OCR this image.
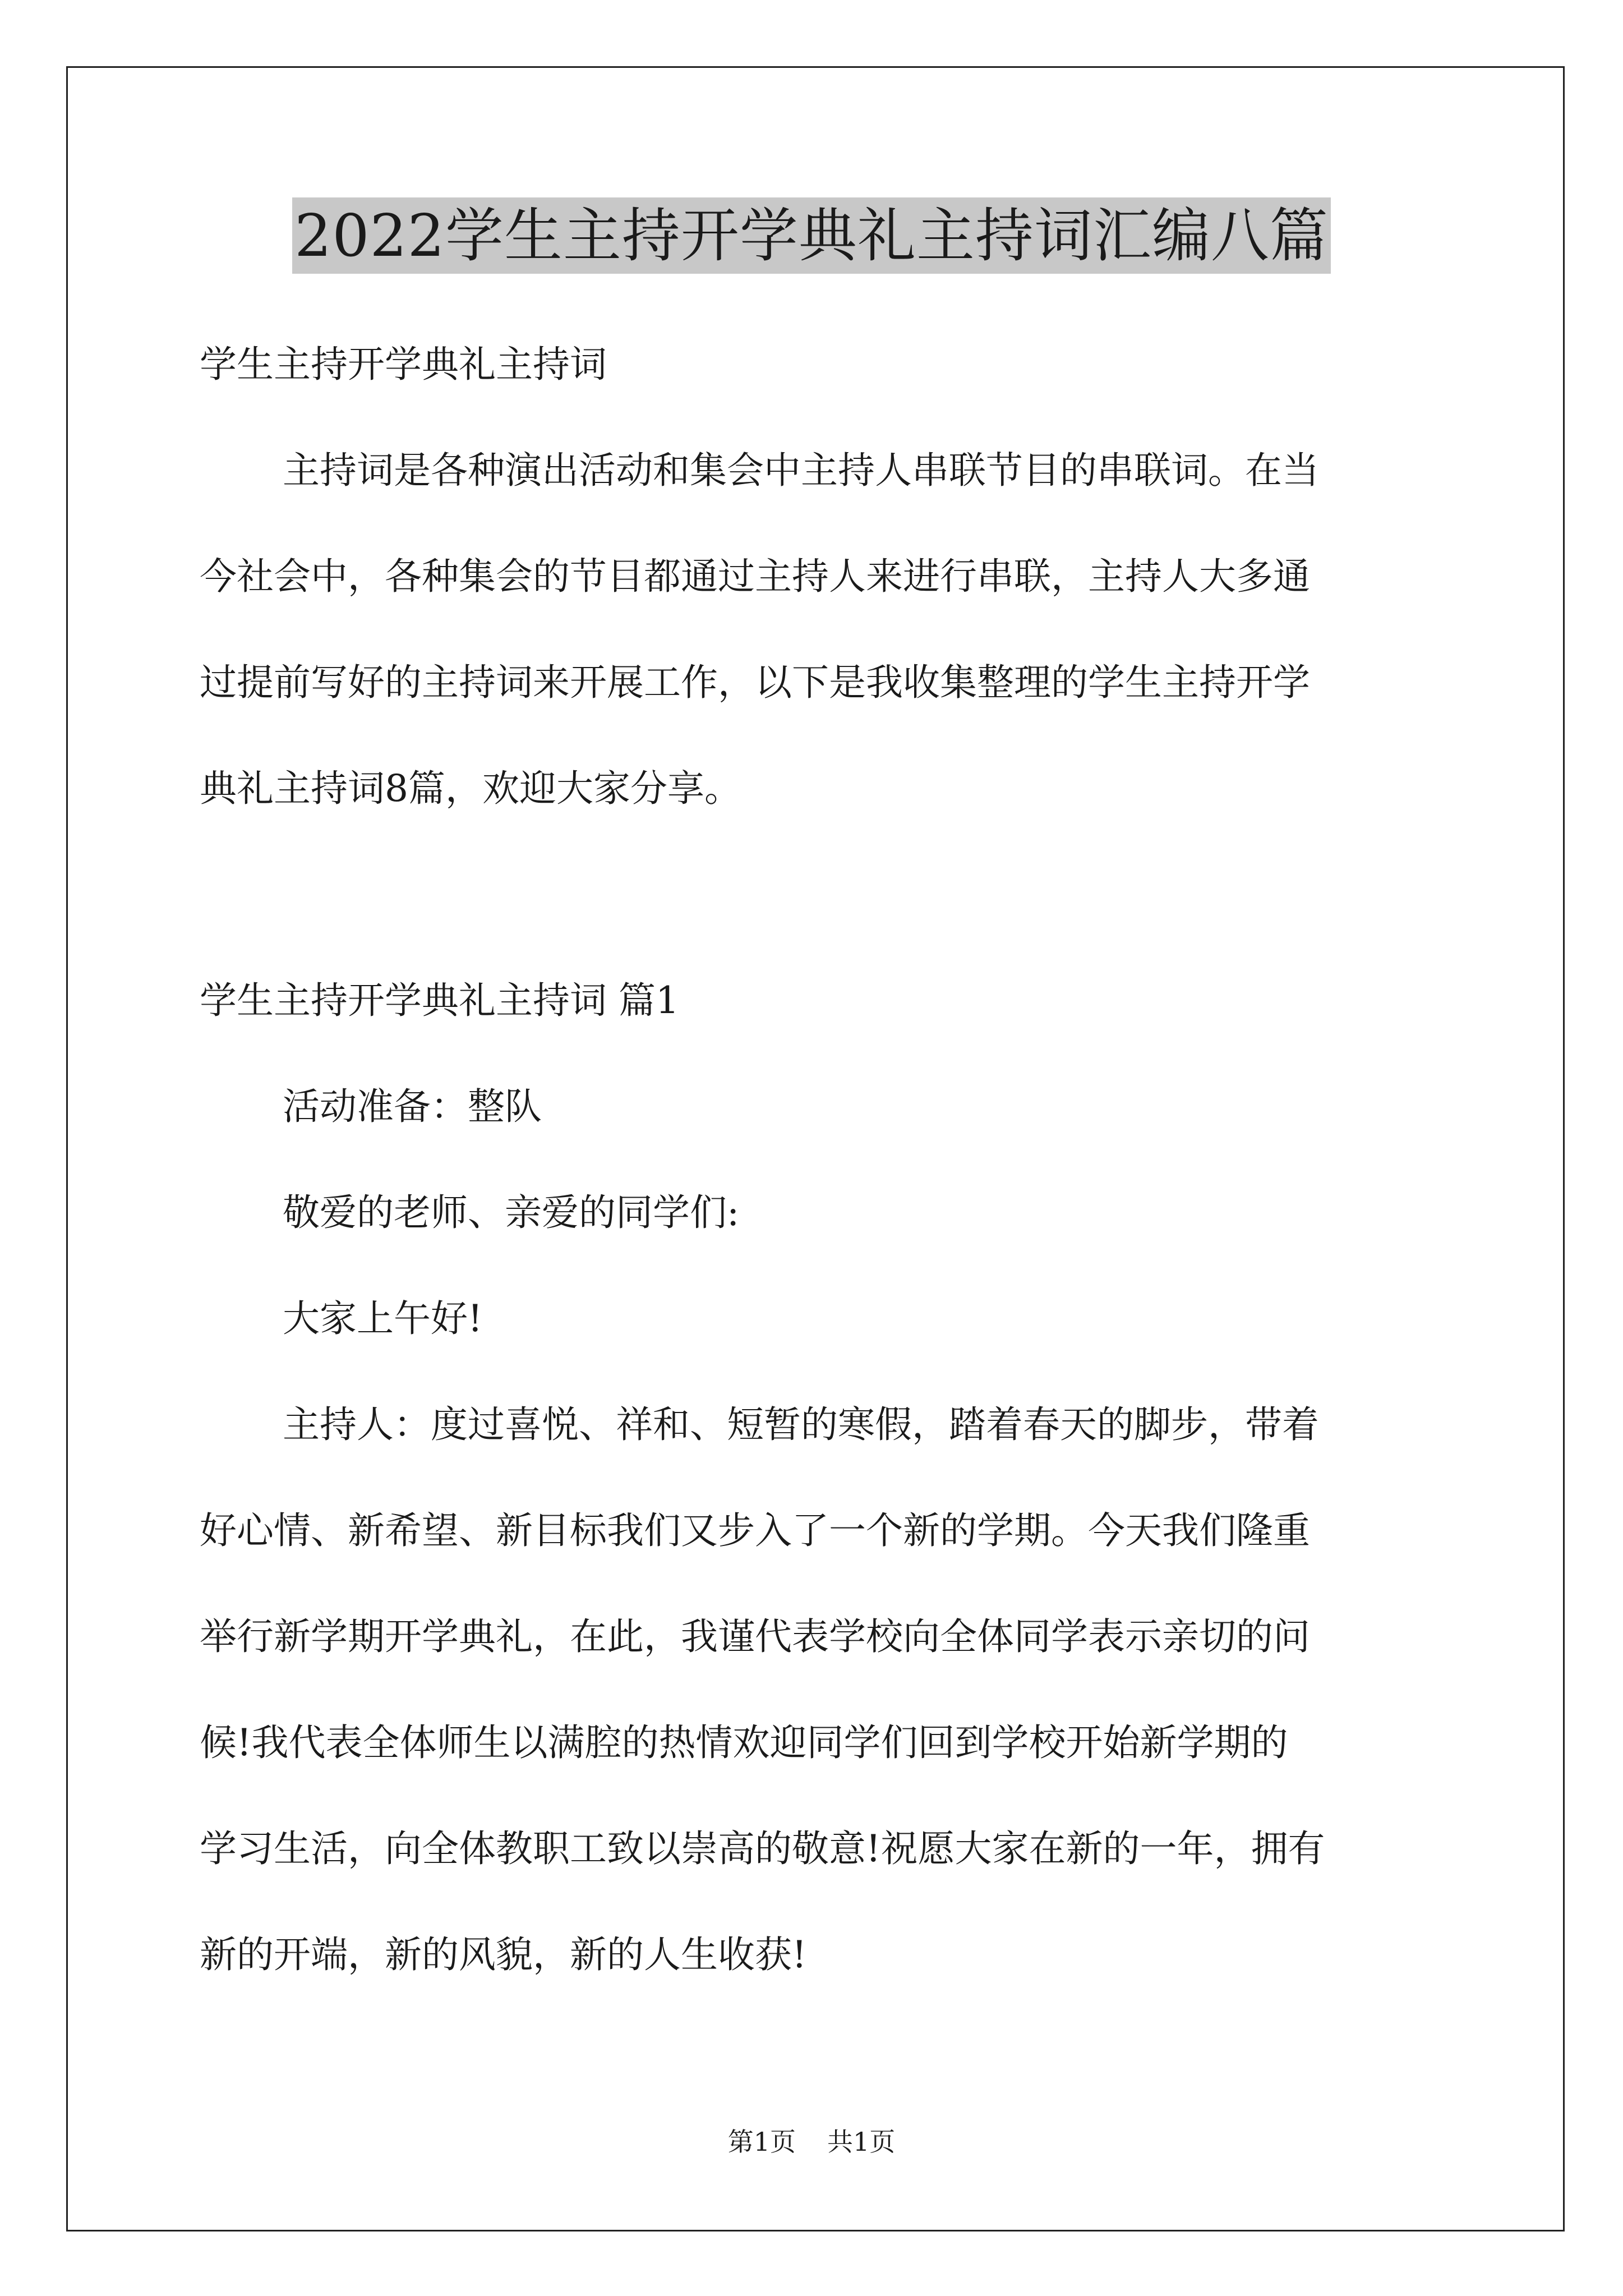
2022学生主持开学典礼主持词汇编八篇

学生主持开学典礼主持词

主持词是各种演出活动和集会中主持人串联节目的串联词。在当

今社会中，各种集会的节目都通过主持人来进行串联，主持人大多通

过提前写好的主持词来开展工作，以下是我收集整理的学生主持开学

典礼主持词8篇，欢迎大家分享。

学生主持开学典礼主持词 篇1

活动准备：整队

敬爱的老师、亲爱的同学们:

大家上午好!

主持人：度过喜悦、祥和、短暂的寒假，踏着春天的脚步，带着

好心情、新希望、新目标我们又步入了一个新的学期。今天我们隆重

举行新学期开学典礼，在此，我谨代表学校向全体同学表示亲切的问

候!我代表全体师生以满腔的热情欢迎同学们回到学校开始新学期的

学习生活，向全体教职工致以崇高的敬意!祝愿大家在新的一年，拥有

新的开端，新的风貌，新的人生收获!

第1页 共1页
